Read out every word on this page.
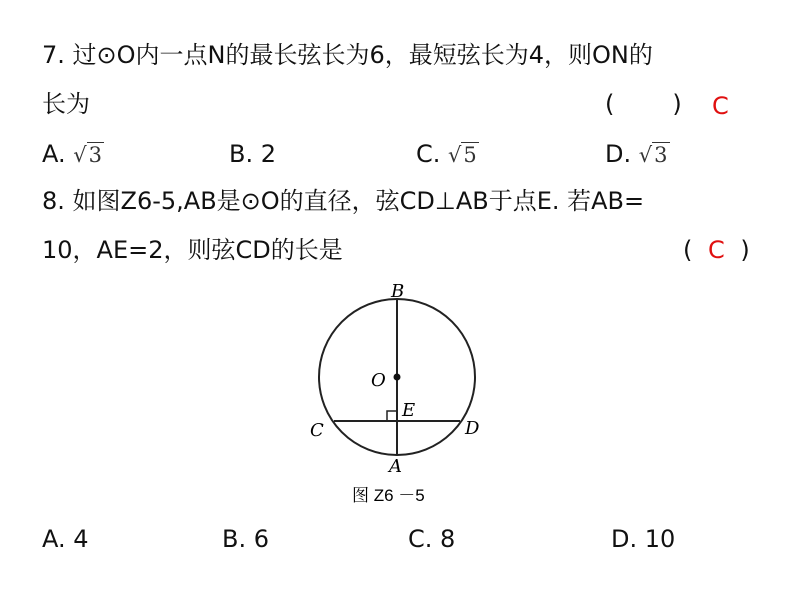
7. 过⊙O内一点N的最长弦长为6，最短弦长为4，则ON的
长为	( ) C
A. √3	B. 2	C. √5	D. √3
8. 如图Z6-5,AB是⊙O的直径，弦CD⊥AB于点E. 若AB=
10，AE=2，则弦CD的长是	( C )
B
O
E
C	D
A
图 Z6 －5
A. 4	B. 6	C. 8	D. 10
